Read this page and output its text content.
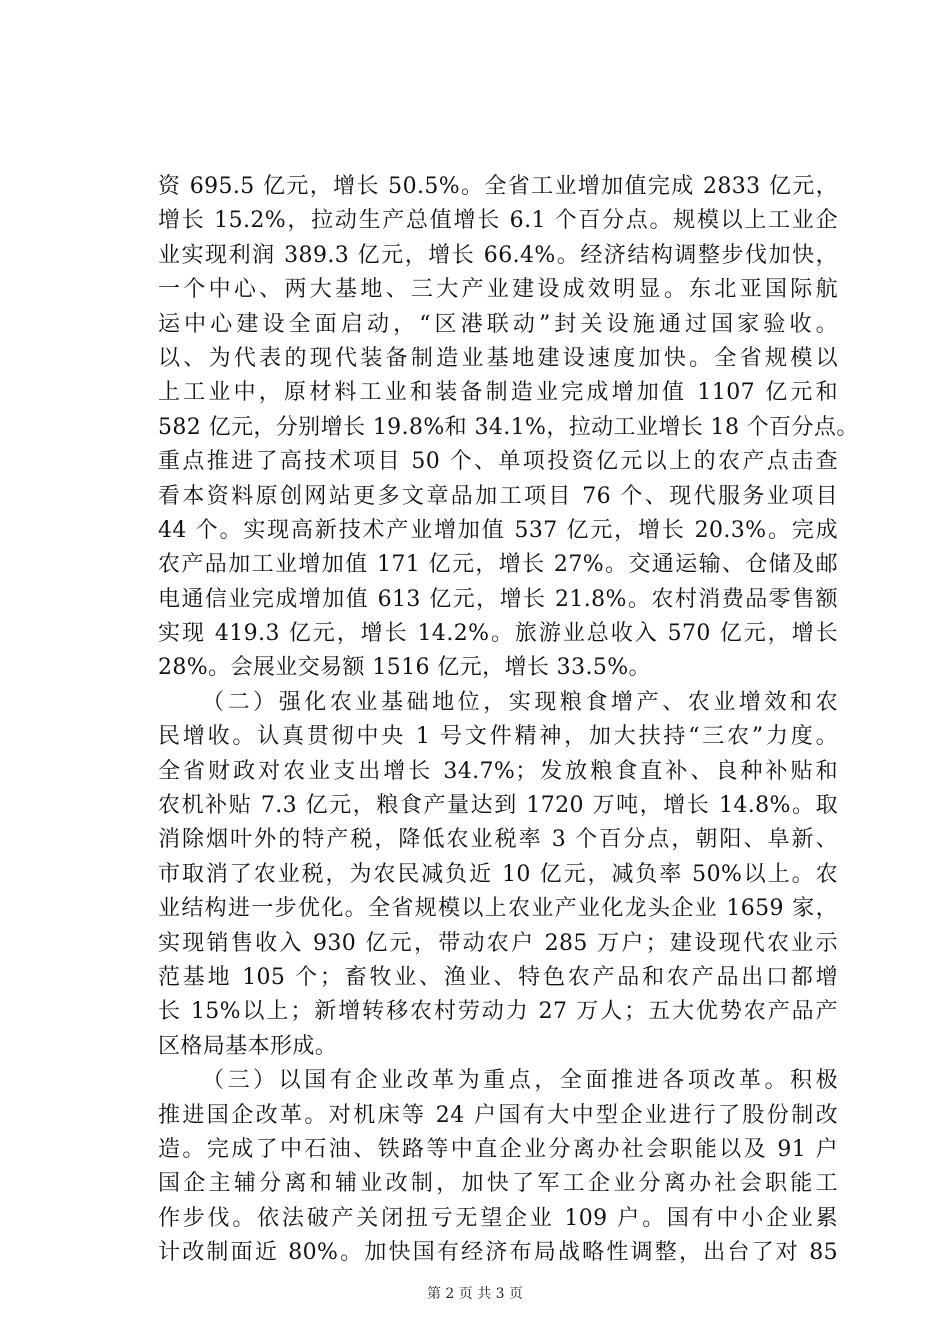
资 695.5 亿元，增长 50.5%。全省工业增加值完成 2833 亿元，
增长 15.2%，拉动生产总值增长 6.1 个百分点。规模以上工业企
业实现利润 389.3 亿元，增长 66.4%。经济结构调整步伐加快，
一个中心、两大基地、三大产业建设成效明显。东北亚国际航
运中心建设全面启动，“区港联动”封关设施通过国家验收。
以、为代表的现代装备制造业基地建设速度加快。全省规模以
上工业中，原材料工业和装备制造业完成增加值 1107 亿元和
582 亿元，分别增长 19.8%和 34.1%，拉动工业增长 18 个百分点。
重点推进了高技术项目 50 个、单项投资亿元以上的农产点击查
看本资料原创网站更多文章品加工项目 76 个、现代服务业项目
44 个。实现高新技术产业增加值 537 亿元，增长 20.3%。完成
农产品加工业增加值 171 亿元，增长 27%。交通运输、仓储及邮
电通信业完成增加值 613 亿元，增长 21.8%。农村消费品零售额
实现 419.3 亿元，增长 14.2%。旅游业总收入 570 亿元，增长
28%。会展业交易额 1516 亿元，增长 33.5%。
（二）强化农业基础地位，实现粮食增产、农业增效和农
民增收。认真贯彻中央 1 号文件精神，加大扶持“三农”力度。
全省财政对农业支出增长 34.7%；发放粮食直补、良种补贴和
农机补贴 7.3 亿元，粮食产量达到 1720 万吨，增长 14.8%。取
消除烟叶外的特产税，降低农业税率 3 个百分点，朝阳、阜新、
市取消了农业税，为农民减负近 10 亿元，减负率 50%以上。农
业结构进一步优化。全省规模以上农业产业化龙头企业 1659 家，
实现销售收入 930 亿元，带动农户 285 万户；建设现代农业示
范基地 105 个；畜牧业、渔业、特色农产品和农产品出口都增
长 15%以上；新增转移农村劳动力 27 万人；五大优势农产品产
区格局基本形成。
（三）以国有企业改革为重点，全面推进各项改革。积极
推进国企改革。对机床等 24 户国有大中型企业进行了股份制改
造。完成了中石油、铁路等中直企业分离办社会职能以及 91 户
国企主辅分离和辅业改制，加快了军工企业分离办社会职能工
作步伐。依法破产关闭扭亏无望企业 109 户。国有中小企业累
计改制面近 80%。加快国有经济布局战略性调整，出台了对 85
第 2 页 共 3 页
